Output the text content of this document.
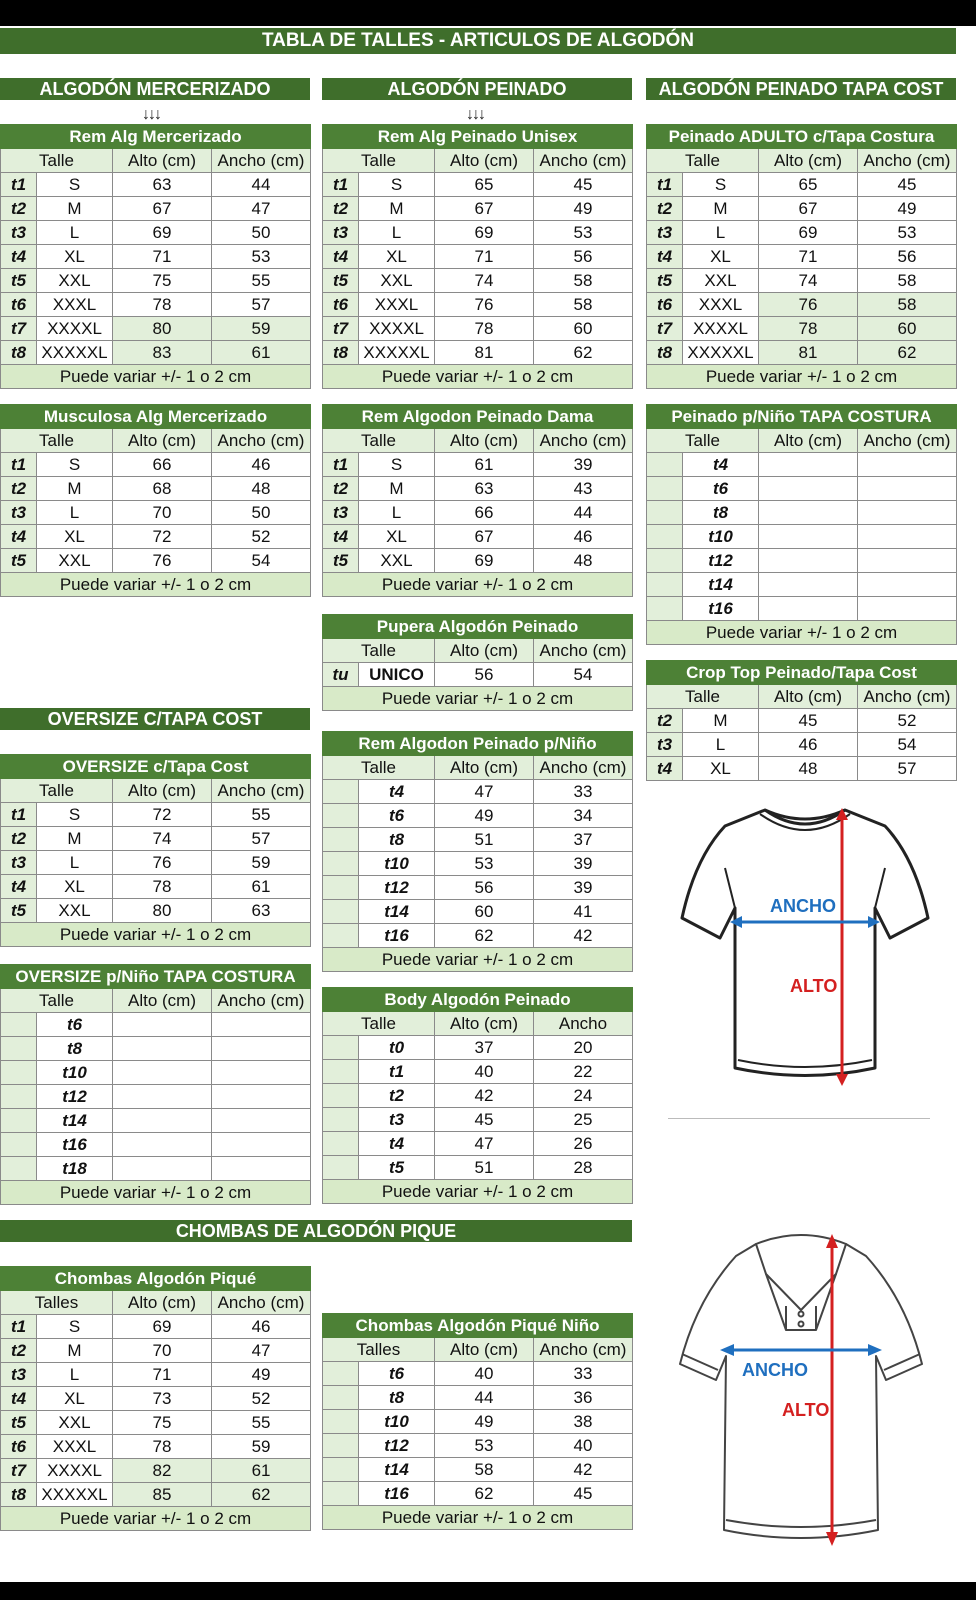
TABLA DE TALLES - ARTICULOS DE ALGODÓN
ALGODÓN MERCERIZADO	ALGODÓN PEINADO	ALGODÓN PEINADO TAPA COST
↓↓↓	↓↓↓
OVERSIZE C/TAPA COST
CHOMBAS DE ALGODÓN PIQUE
Rem Alg Mercerizado			
Talle		Alto (cm)	Ancho (cm)
t1	S	63	44
t2	M	67	47
t3	L	69	50
t4	XL	71	53
t5	XXL	75	55
t6	XXXL	78	57
t7	XXXXL	80	59
t8	XXXXXL	83	61
Puede variar +/- 1 o 2 cm			
Rem Alg Peinado Unisex			
Talle		Alto (cm)	Ancho (cm)
t1	S	65	45
t2	M	67	49
t3	L	69	53
t4	XL	71	56
t5	XXL	74	58
t6	XXXL	76	58
t7	XXXXL	78	60
t8	XXXXXL	81	62
Puede variar +/- 1 o 2 cm			
Peinado ADULTO c/Tapa Costura			
Talle		Alto (cm)	Ancho (cm)
t1	S	65	45
t2	M	67	49
t3	L	69	53
t4	XL	71	56
t5	XXL	74	58
t6	XXXL	76	58
t7	XXXXL	78	60
t8	XXXXXL	81	62
Puede variar +/- 1 o 2 cm			
Musculosa Alg Mercerizado			
Talle		Alto (cm)	Ancho (cm)
t1	S	66	46
t2	M	68	48
t3	L	70	50
t4	XL	72	52
t5	XXL	76	54
Puede variar +/- 1 o 2 cm			
Rem Algodon Peinado Dama			
Talle		Alto (cm)	Ancho (cm)
t1	S	61	39
t2	M	63	43
t3	L	66	44
t4	XL	67	46
t5	XXL	69	48
Puede variar +/- 1 o 2 cm			
Peinado p/Niño TAPA COSTURA			
Talle		Alto (cm)	Ancho (cm)
	t4		
	t6		
	t8		
	t10		
	t12		
	t14		
	t16		
Puede variar +/- 1 o 2 cm			
Pupera Algodón Peinado			
Talle		Alto (cm)	Ancho (cm)
tu	UNICO	56	54
Puede variar +/- 1 o 2 cm			
Crop Top Peinado/Tapa Cost			
Talle		Alto (cm)	Ancho (cm)
t2	M	45	52
t3	L	46	54
t4	XL	48	57
OVERSIZE c/Tapa Cost			
Talle		Alto (cm)	Ancho (cm)
t1	S	72	55
t2	M	74	57
t3	L	76	59
t4	XL	78	61
t5	XXL	80	63
Puede variar +/- 1 o 2 cm			
Rem Algodon Peinado p/Niño			
Talle		Alto (cm)	Ancho (cm)
	t4	47	33
	t6	49	34
	t8	51	37
	t10	53	39
	t12	56	39
	t14	60	41
	t16	62	42
Puede variar +/- 1 o 2 cm			
OVERSIZE p/Niño TAPA COSTURA			
Talle		Alto (cm)	Ancho (cm)
	t6		
	t8		
	t10		
	t12		
	t14		
	t16		
	t18		
Puede variar +/- 1 o 2 cm			
Body Algodón Peinado			
Talle		Alto (cm)	Ancho
	t0	37	20
	t1	40	22
	t2	42	24
	t3	45	25
	t4	47	26
	t5	51	28
Puede variar +/- 1 o 2 cm			
Chombas Algodón Piqué			
Talles		Alto (cm)	Ancho (cm)
t1	S	69	46
t2	M	70	47
t3	L	71	49
t4	XL	73	52
t5	XXL	75	55
t6	XXXL	78	59
t7	XXXXL	82	61
t8	XXXXXL	85	62
Puede variar +/- 1 o 2 cm			
Chombas Algodón Piqué Niño			
Talles		Alto (cm)	Ancho (cm)
	t6	40	33
	t8	44	36
	t10	49	38
	t12	53	40
	t14	58	42
	t16	62	45
Puede variar +/- 1 o 2 cm			
ANCHO
ALTO
ANCHO
ALTO
